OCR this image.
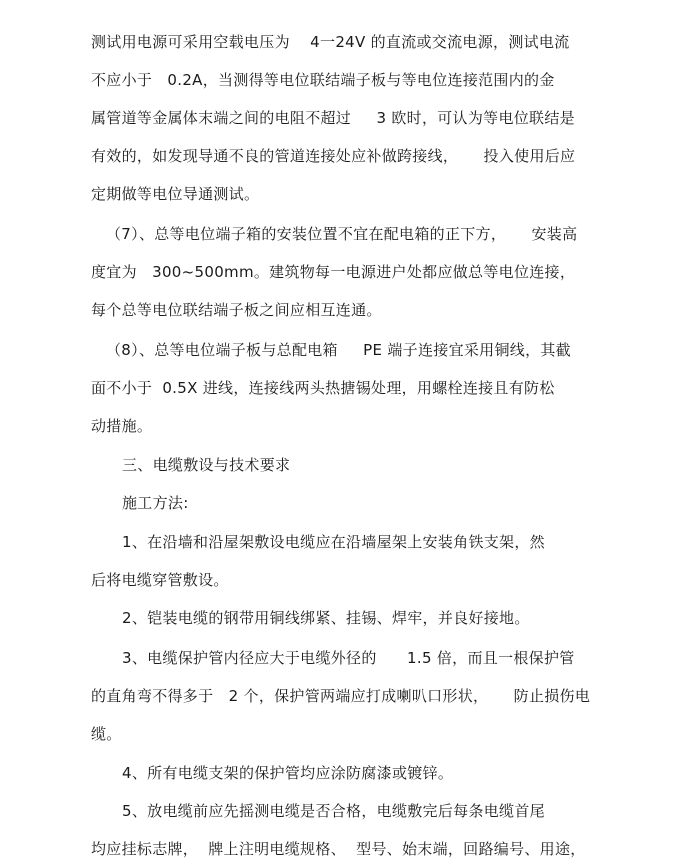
测试用电源可采用空载电压为    4一24V 的直流或交流电源，测试电流
不应小于   0.2A，当测得等电位联结端子板与等电位连接范围内的金
属管道等金属体末端之间的电阻不超过     3 欧时，可认为等电位联结是
有效的，如发现导通不良的管道连接处应补做跨接线，     投入使用后应
定期做等电位导通测试。
（7）、总等电位端子箱的安装位置不宜在配电箱的正下方，     安装高
度宜为   300~500mm。建筑物每一电源进户处都应做总等电位连接，
每个总等电位联结端子板之间应相互连通。
（8）、总等电位端子板与总配电箱     PE 端子连接宜采用铜线，其截
面不小于  0.5X 进线，连接线两头热搪锡处理，用螺栓连接且有防松
动措施。
三、电缆敷设与技术要求
施工方法:
1、在沿墙和沿屋架敷设电缆应在沿墙屋架上安装角铁支架，然
后将电缆穿管敷设。
2、铠装电缆的钢带用铜线绑紧、挂锡、焊牢，并良好接地。
3、电缆保护管内径应大于电缆外径的      1.5 倍，而且一根保护管
的直角弯不得多于   2 个，保护管两端应打成喇叭口形状，     防止损伤电
缆。
4、所有电缆支架的保护管均应涂防腐漆或镀锌。
5、放电缆前应先摇测电缆是否合格，电缆敷完后每条电缆首尾
均应挂标志牌，  牌上注明电缆规格、  型号、始末端，回路编号、用途，
